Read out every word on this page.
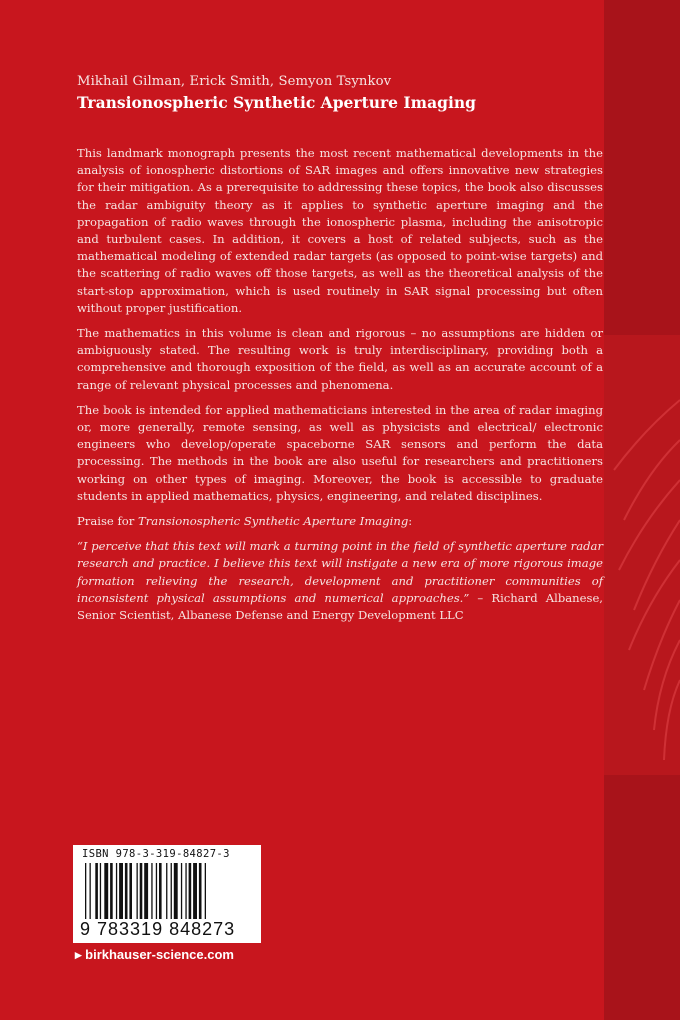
Mikhail Gilman, Erick Smith, Semyon Tsynkov
Transionospheric Synthetic Aperture Imaging

This landmark monograph presents the most recent mathematical developments in the analysis of ionospheric distortions of SAR images and offers innovative new strategies for their mitigation. As a prerequisite to addressing these topics, the book also discusses the radar ambiguity theory as it applies to synthetic aperture imaging and the propagation of radio waves through the ionospheric plasma, including the anisotropic and turbulent cases. In addition, it covers a host of related subjects, such as the mathematical modeling of extended radar targets (as opposed to point-wise targets) and the scattering of radio waves off those targets, as well as the theoretical analysis of the start-stop approximation, which is used routinely in SAR signal processing but often without proper justification.

The mathematics in this volume is clean and rigorous – no assumptions are hidden or ambiguously stated. The resulting work is truly interdisciplinary, providing both a comprehensive and thorough exposition of the field, as well as an accurate account of a range of relevant physical processes and phenomena.

The book is intended for applied mathematicians interested in the area of radar imaging or, more generally, remote sensing, as well as physicists and electrical/ electronic engineers who develop/operate spaceborne SAR sensors and perform the data processing. The methods in the book are also useful for researchers and practitioners working on other types of imaging. Moreover, the book is accessible to graduate students in applied mathematics, physics, engineering, and related disciplines.

Praise for Transionospheric Synthetic Aperture Imaging:

“I perceive that this text will mark a turning point in the field of synthetic aperture radar research and practice. I believe this text will instigate a new era of more rigorous image formation relieving the research, development and practitioner communities of inconsistent physical assumptions and numerical approaches.” – Richard Albanese, Senior Scientist, Albanese Defense and Energy Development LLC

ISBN 978-3-319-84827-3
9 783319 848273
▸ birkhauser-science.com
